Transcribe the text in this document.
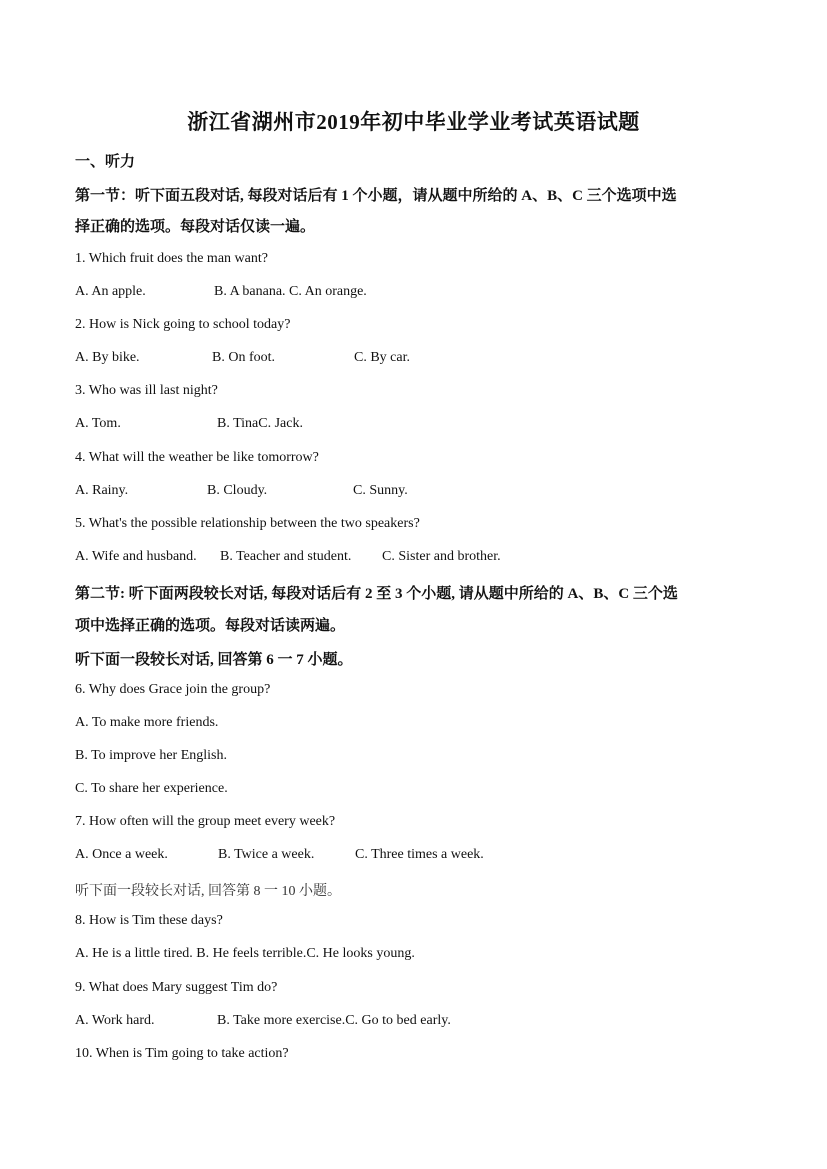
浙江省湖州市2019年初中毕业学业考试英语试题
一、听力
第一节：听下面五段对话, 每段对话后有 1 个小题，请从题中所给的 A、B、C 三个选项中选
择正确的选项。每段对话仅读一遍。
1. Which fruit does the man want?
A. An apple.	B. A banana. C. An orange.
2. How is Nick going to school today?
A. By bike.	B. On foot.	C. By car.
3. Who was ill last night?
A. Tom.	B. TinaC. Jack.
4. What will the weather be like tomorrow?
A. Rainy.	B. Cloudy.	C. Sunny.
5. What's the possible relationship between the two speakers?
A. Wife and husband. B. Teacher and student. C. Sister and brother.
第二节: 听下面两段较长对话, 每段对话后有 2 至 3 个小题, 请从题中所给的 A、B、C 三个选
项中选择正确的选项。每段对话读两遍。
听下面一段较长对话, 回答第 6 一 7 小题。
6. Why does Grace join the group?
A. To make more friends.
B. To improve her English.
C. To share her experience.
7. How often will the group meet every week?
A. Once a week.	B. Twice a week.	C. Three times a week.
听下面一段较长对话, 回答第 8 一 10 小题。
8. How is Tim these days?
A. He is a little tired. B. He feels terrible.C. He looks young.
9. What does Mary suggest Tim do?
A. Work hard.	B. Take more exercise.C. Go to bed early.
10. When is Tim going to take action?
